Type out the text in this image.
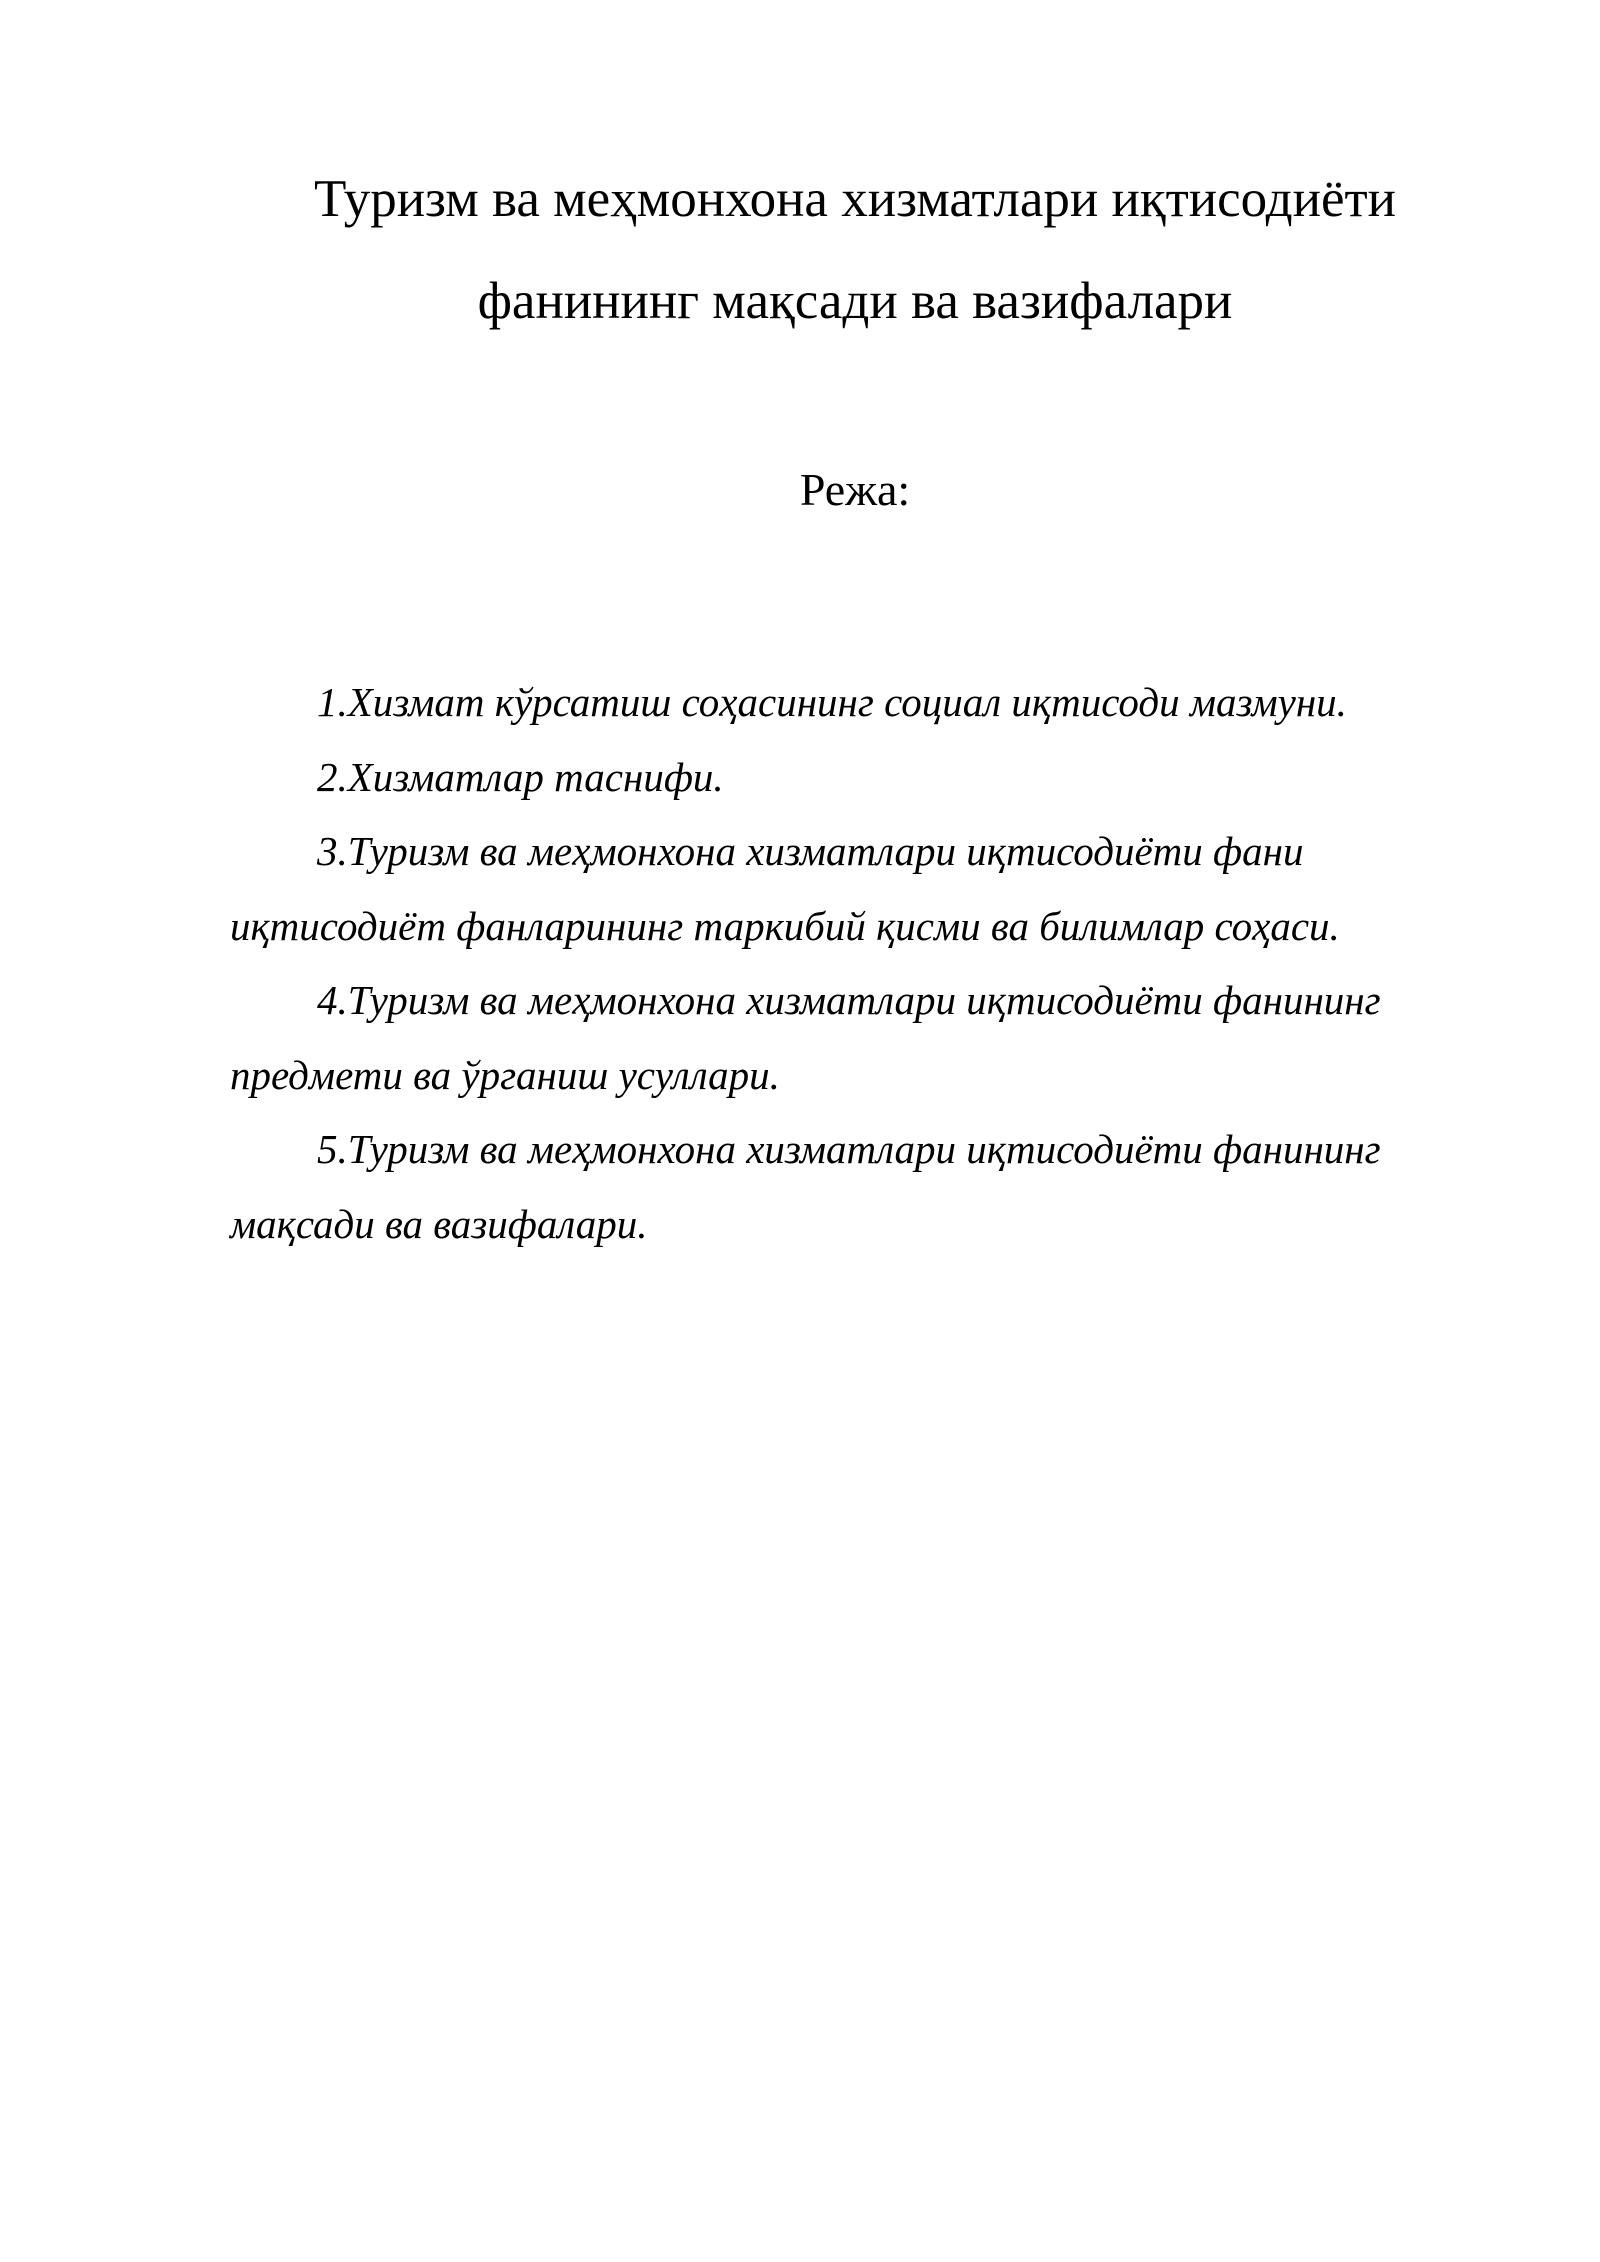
Туризм ва меҳмонхона хизматлари иқтисодиёти фанининг мақсади ва вазифалари
Режа:
1.Хизмат кўрсатиш соҳасининг социал иқтисоди мазмуни.
2.Хизматлар таснифи.
3.Туризм ва меҳмонхона хизматлари иқтисодиёти фани иқтисодиёт фанларининг таркибий қисми ва билимлар соҳаси.
4.Туризм ва меҳмонхона хизматлари иқтисодиёти фанининг предмети ва ўрганиш усуллари.
5.Туризм ва меҳмонхона хизматлари иқтисодиёти фанининг мақсади ва вазифалари.
